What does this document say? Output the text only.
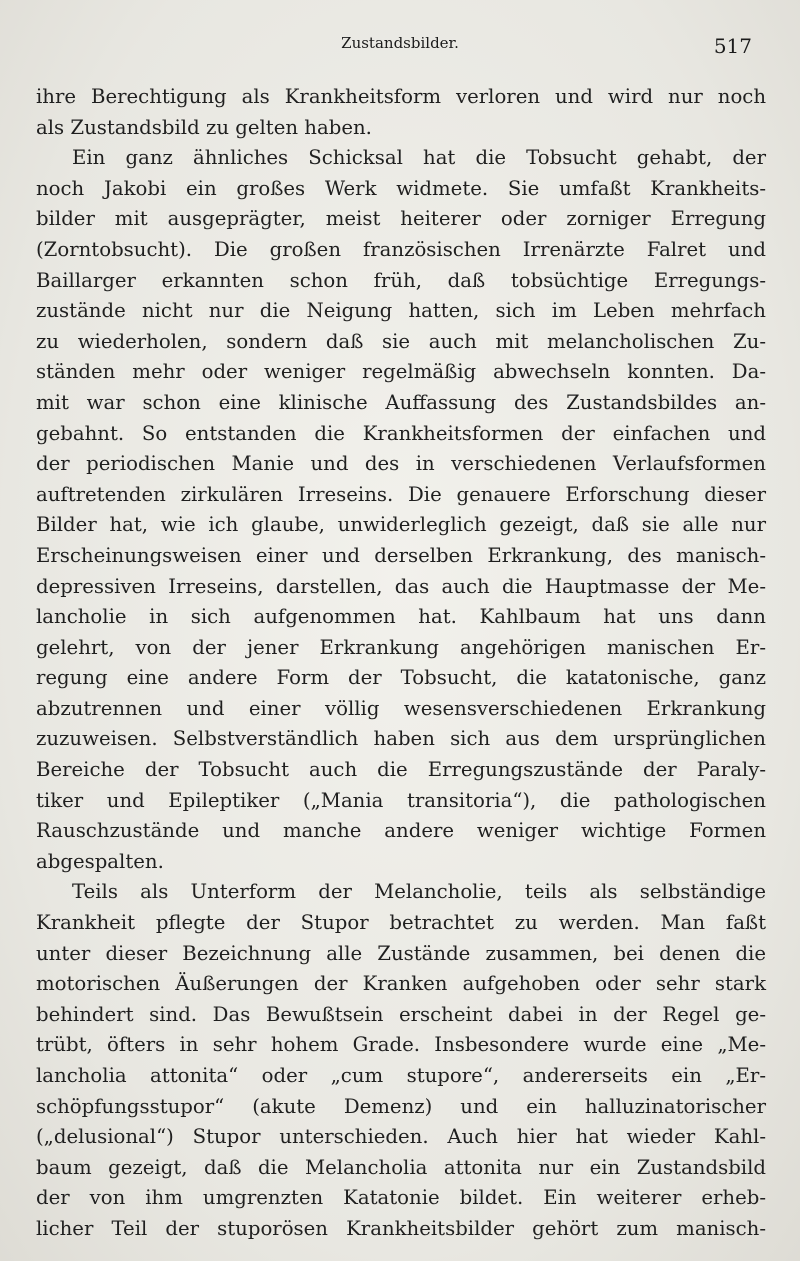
Zustandsbilder.	517
ihre Berechtigung als Krankheitsform verloren und wird nur noch
als Zustandsbild zu gelten haben.
Ein ganz ähnliches Schicksal hat die Tobsucht gehabt, der
noch Jakobi ein großes Werk widmete. Sie umfaßt Krankheits-
bilder mit ausgeprägter, meist heiterer oder zorniger Erregung
(Zorntobsucht). Die großen französischen Irrenärzte Falret und
Baillarger erkannten schon früh, daß tobsüchtige Erregungs-
zustände nicht nur die Neigung hatten, sich im Leben mehrfach
zu wiederholen, sondern daß sie auch mit melancholischen Zu-
ständen mehr oder weniger regelmäßig abwechseln konnten. Da-
mit war schon eine klinische Auffassung des Zustandsbildes an-
gebahnt. So entstanden die Krankheitsformen der einfachen und
der periodischen Manie und des in verschiedenen Verlaufsformen
auftretenden zirkulären Irreseins. Die genauere Erforschung dieser
Bilder hat, wie ich glaube, unwiderleglich gezeigt, daß sie alle nur
Erscheinungsweisen einer und derselben Erkrankung, des manisch-
depressiven Irreseins, darstellen, das auch die Hauptmasse der Me-
lancholie in sich aufgenommen hat. Kahlbaum hat uns dann
gelehrt, von der jener Erkrankung angehörigen manischen Er-
regung eine andere Form der Tobsucht, die katatonische, ganz
abzutrennen und einer völlig wesensverschiedenen Erkrankung
zuzuweisen. Selbstverständlich haben sich aus dem ursprünglichen
Bereiche der Tobsucht auch die Erregungszustände der Paraly-
tiker und Epileptiker („Mania transitoria“), die pathologischen
Rauschzustände und manche andere weniger wichtige Formen
abgespalten.
Teils als Unterform der Melancholie, teils als selbständige
Krankheit pflegte der Stupor betrachtet zu werden. Man faßt
unter dieser Bezeichnung alle Zustände zusammen, bei denen die
motorischen Äußerungen der Kranken aufgehoben oder sehr stark
behindert sind. Das Bewußtsein erscheint dabei in der Regel ge-
trübt, öfters in sehr hohem Grade. Insbesondere wurde eine „Me-
lancholia attonita“ oder „cum stupore“, andererseits ein „Er-
schöpfungsstupor“ (akute Demenz) und ein halluzinatorischer
(„delusional“) Stupor unterschieden. Auch hier hat wieder Kahl-
baum gezeigt, daß die Melancholia attonita nur ein Zustandsbild
der von ihm umgrenzten Katatonie bildet. Ein weiterer erheb-
licher Teil der stuporösen Krankheitsbilder gehört zum manisch-
